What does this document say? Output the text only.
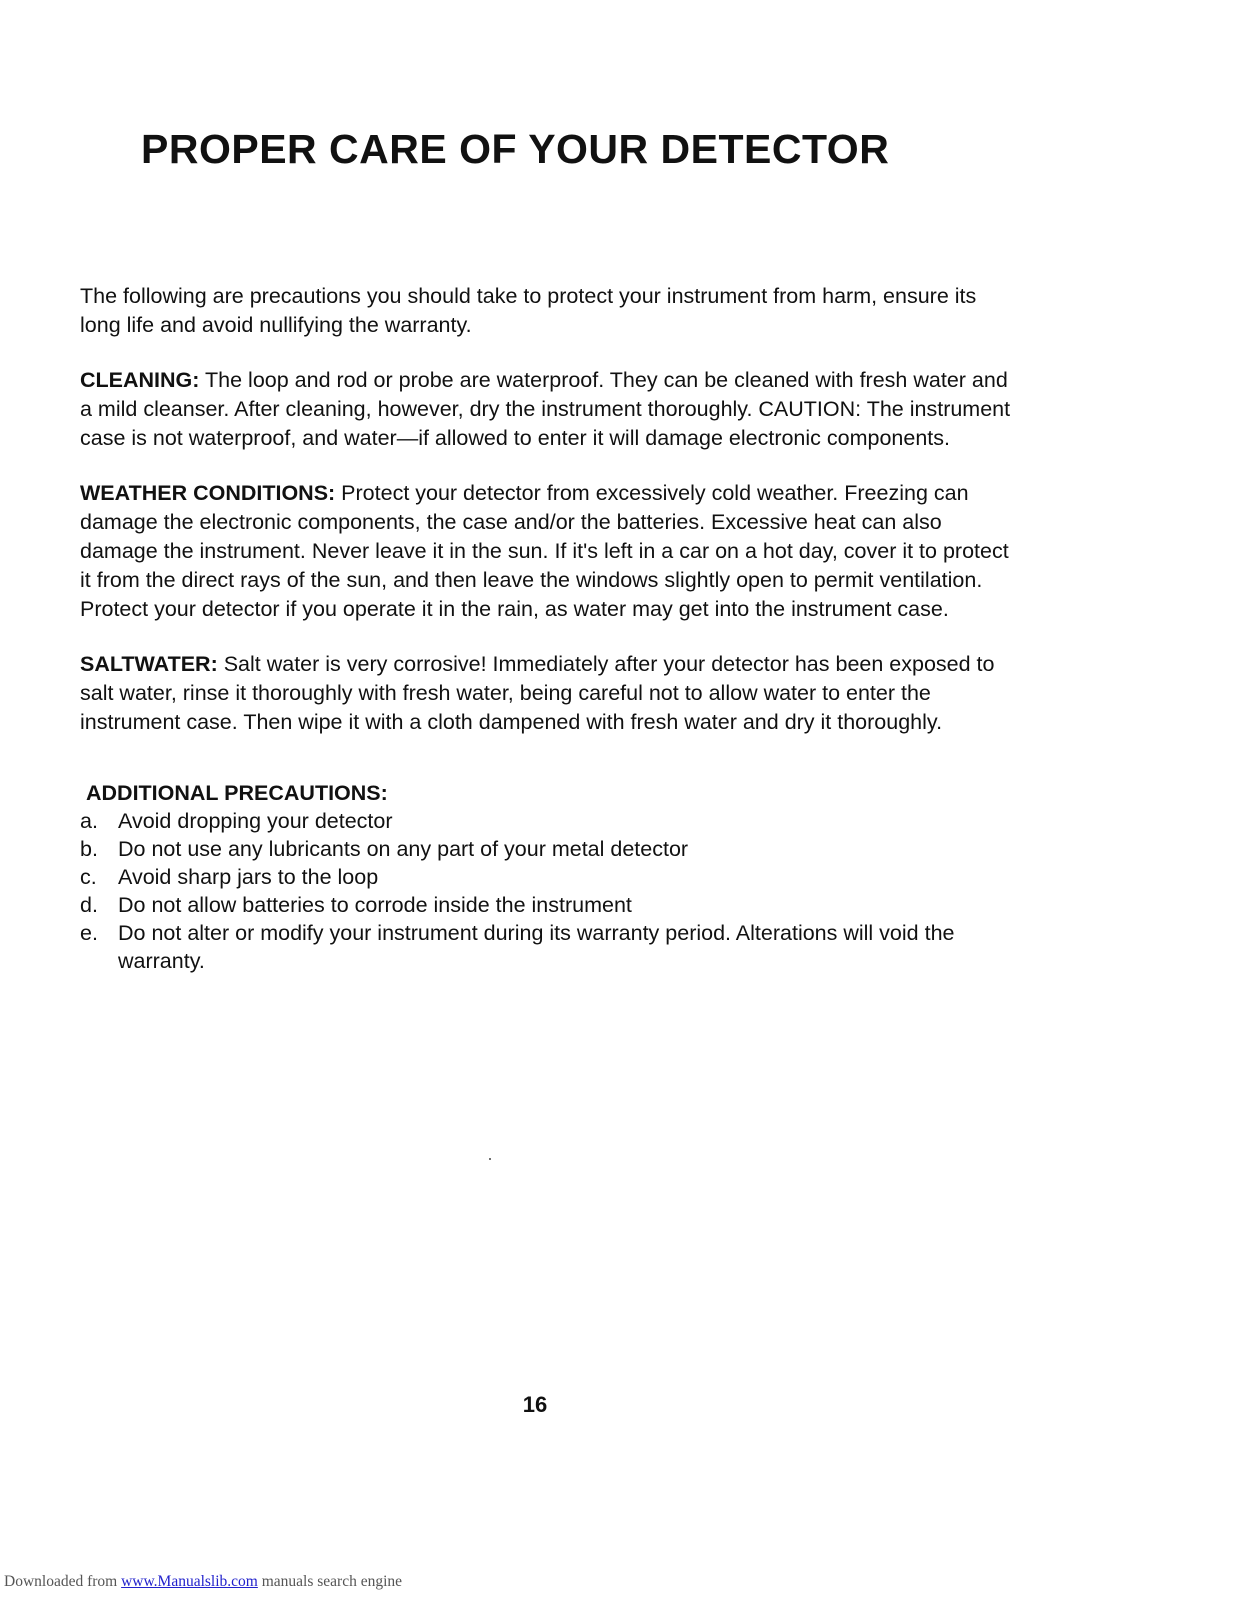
PROPER CARE OF YOUR DETECTOR

The following are precautions you should take to protect your instrument from harm, ensure its long life and avoid nullifying the warranty.

CLEANING: The loop and rod or probe are waterproof. They can be cleaned with fresh water and a mild cleanser. After cleaning, however, dry the instrument thoroughly. CAUTION: The instrument case is not waterproof, and water—if allowed to enter it will damage electronic components.

WEATHER CONDITIONS: Protect your detector from excessively cold weather. Freezing can damage the electronic components, the case and/or the batteries. Excessive heat can also damage the instrument. Never leave it in the sun. If it's left in a car on a hot day, cover it to protect it from the direct rays of the sun, and then leave the windows slightly open to permit ventilation. Protect your detector if you operate it in the rain, as water may get into the instrument case.

SALTWATER: Salt water is very corrosive! Immediately after your detector has been exposed to salt water, rinse it thoroughly with fresh water, being careful not to allow water to enter the instrument case. Then wipe it with a cloth dampened with fresh water and dry it thoroughly.

ADDITIONAL PRECAUTIONS:

a. Avoid dropping your detector
b. Do not use any lubricants on any part of your metal detector
c. Avoid sharp jars to the loop
d. Do not allow batteries to corrode inside the instrument
e. Do not alter or modify your instrument during its warranty period. Alterations will void the warranty.
16
Downloaded from www.Manualslib.com manuals search engine
